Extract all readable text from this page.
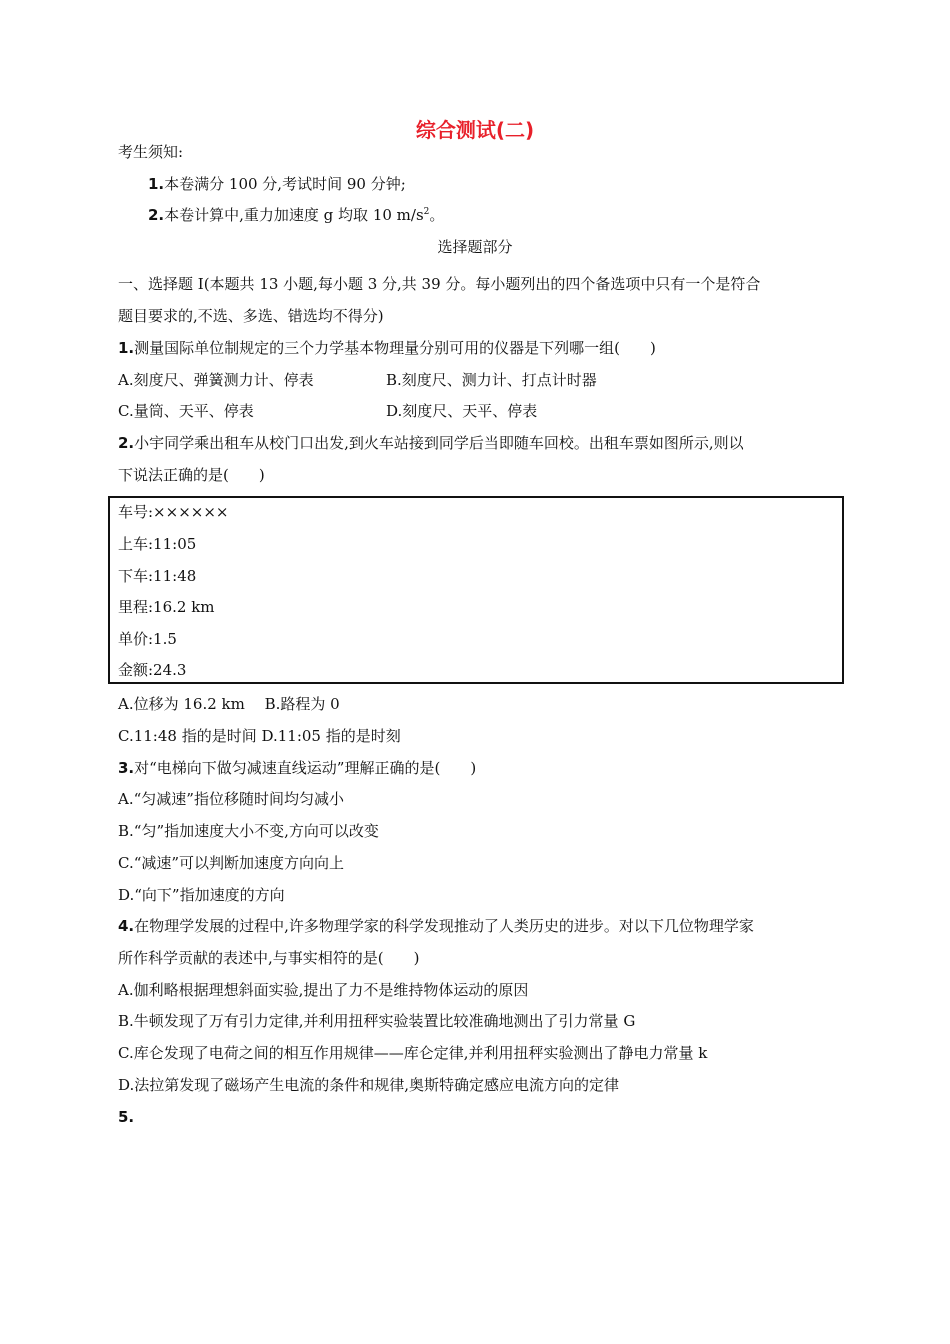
综合测试(二)
考生须知:
1.本卷满分 100 分,考试时间 90 分钟;
2.本卷计算中,重力加速度 g 均取 10 $m/s^2$。
选择题部分
一、选择题 Ⅰ(本题共 13 小题,每小题 3 分,共 39 分。每小题列出的四个备选项中只有一个是符合
题目要求的,不选、多选、错选均不得分)
1.测量国际单位制规定的三个力学基本物理量分别可用的仪器是下列哪一组(　　)
A.刻度尺、弹簧测力计、停表	B.刻度尺、测力计、打点计时器
C.量筒、天平、停表	D.刻度尺、天平、停表
2.小宇同学乘出租车从校门口出发,到火车站接到同学后当即随车回校。出租车票如图所示,则以
下说法正确的是(　　)
车号:××××××
上车:11:05
下车:11:48
里程:16.2 km
单价:1.5
金额:24.3
A.位移为 16.2 km　 B.路程为 0
C.11:48 指的是时间 D.11:05 指的是时刻
3.对“电梯向下做匀减速直线运动”理解正确的是(　　)
A.“匀减速”指位移随时间均匀减小
B.“匀”指加速度大小不变,方向可以改变
C.“减速”可以判断加速度方向向上
D.“向下”指加速度的方向
4.在物理学发展的过程中,许多物理学家的科学发现推动了人类历史的进步。对以下几位物理学家
所作科学贡献的表述中,与事实相符的是(　　)
A.伽利略根据理想斜面实验,提出了力不是维持物体运动的原因
B.牛顿发现了万有引力定律,并利用扭秤实验装置比较准确地测出了引力常量 G
C.库仑发现了电荷之间的相互作用规律——库仑定律,并利用扭秤实验测出了静电力常量 k
D.法拉第发现了磁场产生电流的条件和规律,奥斯特确定感应电流方向的定律
5.
